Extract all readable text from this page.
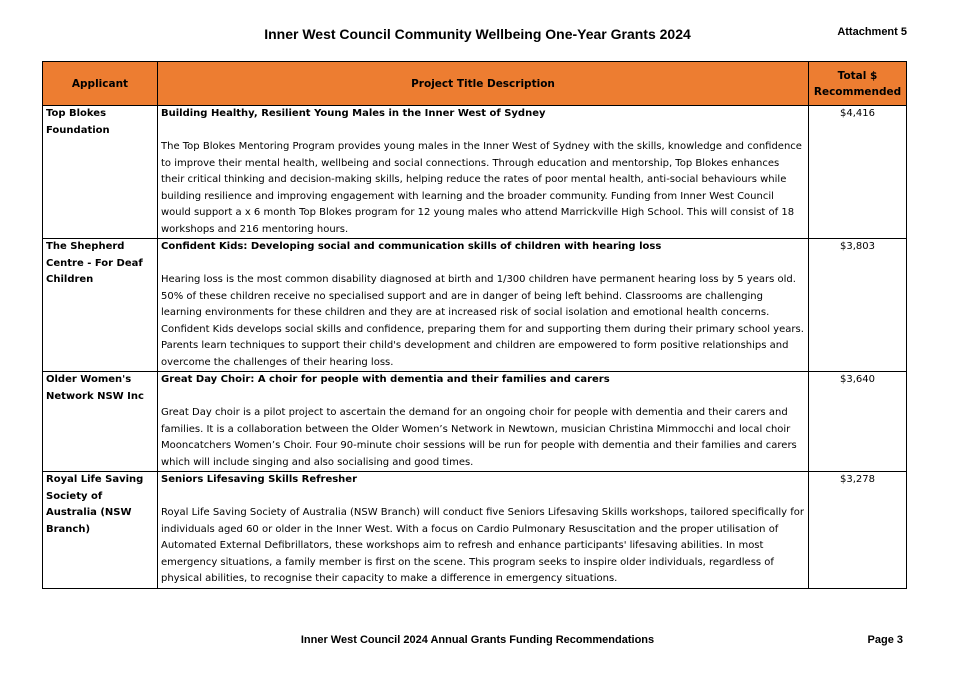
Inner West Council Community Wellbeing One-Year Grants 2024	Attachment 5
Applicant	Project Title Description	Total $ Recommended
Top Blokes Foundation	Building Healthy, Resilient Young Males in the Inner West of Sydney

The Top Blokes Mentoring Program provides young males in the Inner West of Sydney with the skills, knowledge and confidence to improve their mental health, wellbeing and social connections. Through education and mentorship, Top Blokes enhances their critical thinking and decision-making skills, helping reduce the rates of poor mental health, anti-social behaviours while building resilience and improving engagement with learning and the broader community. Funding from Inner West Council would support a x 6 month Top Blokes program for 12 young males who attend Marrickville High School. This will consist of 18 workshops and 216 mentoring hours.	$4,416
The Shepherd Centre - For Deaf Children	Confident Kids: Developing social and communication skills of children with hearing loss

Hearing loss is the most common disability diagnosed at birth and 1/300 children have permanent hearing loss by 5 years old. 50% of these children receive no specialised support and are in danger of being left behind. Classrooms are challenging learning environments for these children and they are at increased risk of social isolation and emotional health concerns. Confident Kids develops social skills and confidence, preparing them for and supporting them during their primary school years. Parents learn techniques to support their child's development and children are empowered to form positive relationships and overcome the challenges of their hearing loss.	$3,803
Older Women's Network NSW Inc	Great Day Choir: A choir for people with dementia and their families and carers

Great Day choir is a pilot project to ascertain the demand for an ongoing choir for people with dementia and their carers and families. It is a collaboration between the Older Women’s Network in Newtown, musician Christina Mimmocchi and local choir Mooncatchers Women’s Choir. Four 90-minute choir sessions will be run for people with dementia and their families and carers which will include singing and also socialising and good times.	$3,640
Royal Life Saving Society of Australia (NSW Branch)	Seniors Lifesaving Skills Refresher

Royal Life Saving Society of Australia (NSW Branch) will conduct five Seniors Lifesaving Skills workshops, tailored specifically for individuals aged 60 or older in the Inner West. With a focus on Cardio Pulmonary Resuscitation and the proper utilisation of Automated External Defibrillators, these workshops aim to refresh and enhance participants' lifesaving abilities. In most emergency situations, a family member is first on the scene. This program seeks to inspire older individuals, regardless of physical abilities, to recognise their capacity to make a difference in emergency situations.	$3,278
Inner West Council 2024 Annual Grants Funding Recommendations	Page 3
